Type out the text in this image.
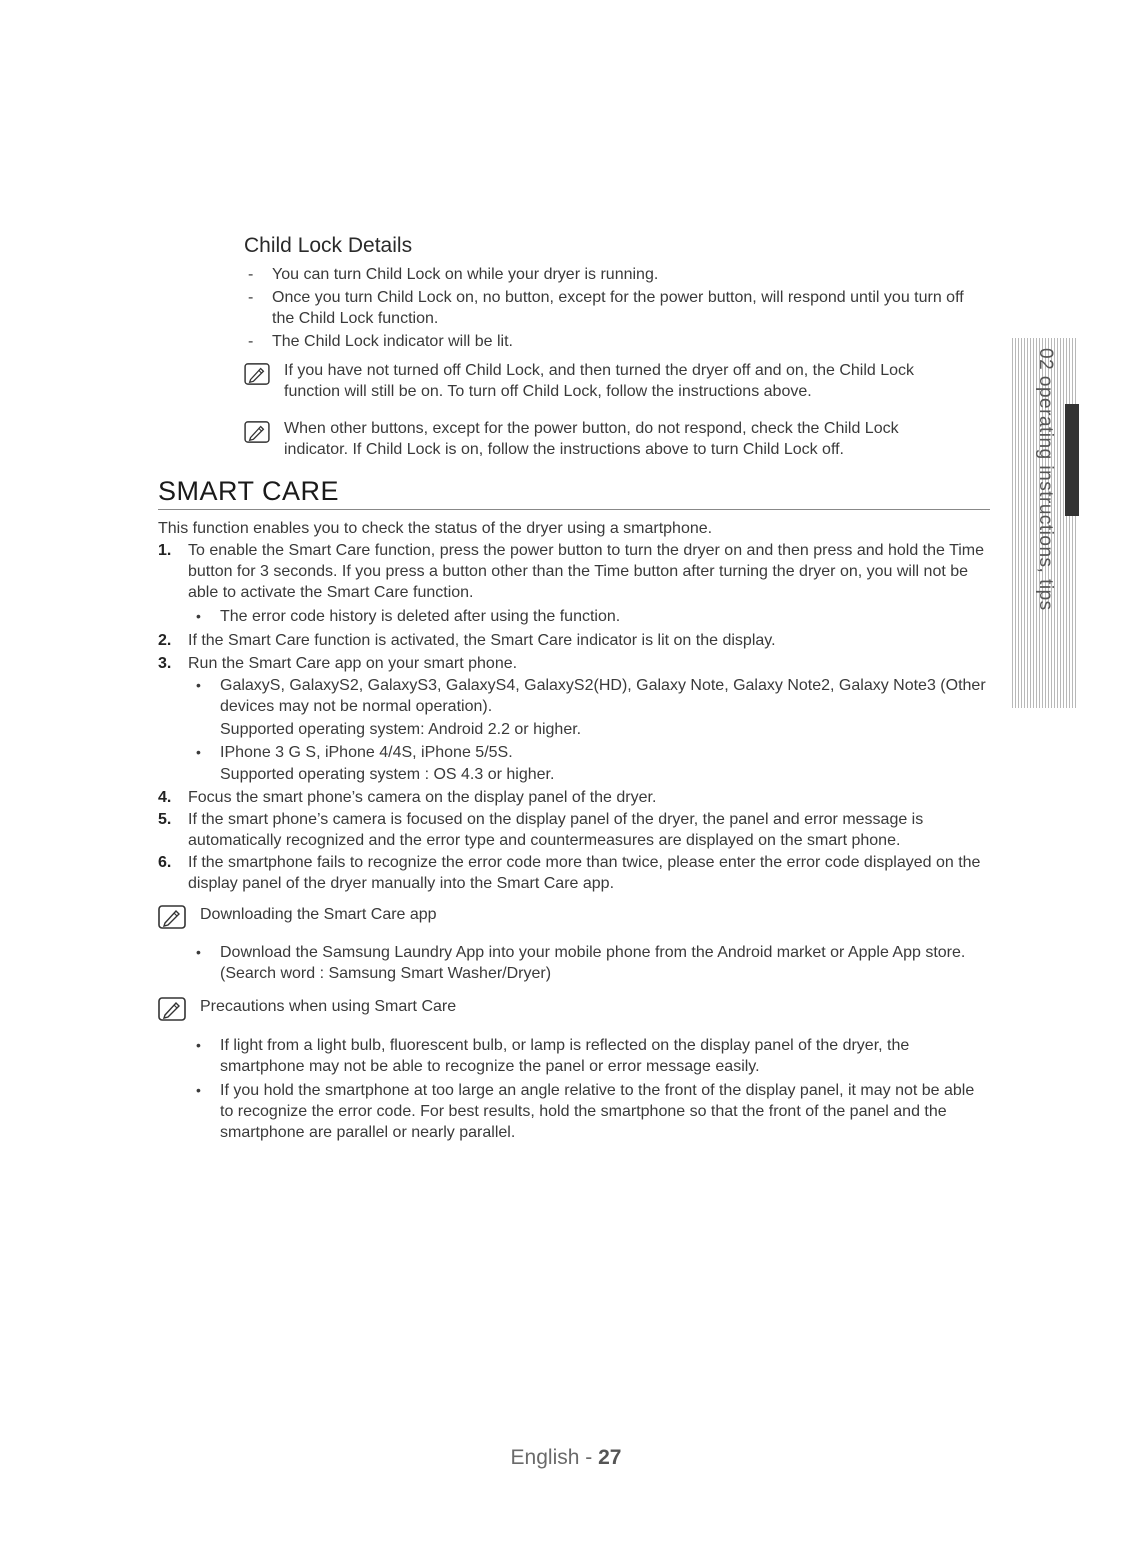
Child Lock Details
- You can turn Child Lock on while your dryer is running.
- Once you turn Child Lock on, no button, except for the power button, will respond until you turn off the Child Lock function.
- The Child Lock indicator will be lit.
If you have not turned off Child Lock, and then turned the dryer off and on, the Child Lock function will still be on. To turn off Child Lock, follow the instructions above.
When other buttons, except for the power button, do not respond, check the Child Lock indicator. If Child Lock is on, follow the instructions above to turn Child Lock off.
SMART CARE
This function enables you to check the status of the dryer using a smartphone.
1. To enable the Smart Care function, press the power button to turn the dryer on and then press and hold the Time button for 3 seconds. If you press a button other than the Time button after turning the dryer on, you will not be able to activate the Smart Care function.
• The error code history is deleted after using the function.
2. If the Smart Care function is activated, the Smart Care indicator is lit on the display.
3. Run the Smart Care app on your smart phone.
• GalaxyS, GalaxyS2, GalaxyS3, GalaxyS4, GalaxyS2(HD), Galaxy Note, Galaxy Note2, Galaxy Note3 (Other devices may not be normal operation).
Supported operating system: Android 2.2 or higher.
• IPhone 3 G S, iPhone 4/4S, iPhone 5/5S.
Supported operating system : OS 4.3 or higher.
4. Focus the smart phone’s camera on the display panel of the dryer.
5. If the smart phone’s camera is focused on the display panel of the dryer, the panel and error message is automatically recognized and the error type and countermeasures are displayed on the smart phone.
6. If the smartphone fails to recognize the error code more than twice, please enter the error code displayed on the display panel of the dryer manually into the Smart Care app.
Downloading the Smart Care app
• Download the Samsung Laundry App into your mobile phone from the Android market or Apple App store. (Search word : Samsung Smart Washer/Dryer)
Precautions when using Smart Care
• If light from a light bulb, fluorescent bulb, or lamp is reflected on the display panel of the dryer, the smartphone may not be able to recognize the panel or error message easily.
• If you hold the smartphone at too large an angle relative to the front of the display panel, it may not be able to recognize the error code. For best results, hold the smartphone so that the front of the panel and the smartphone are parallel or nearly parallel.
English - 27
02 operating instructions, tips
